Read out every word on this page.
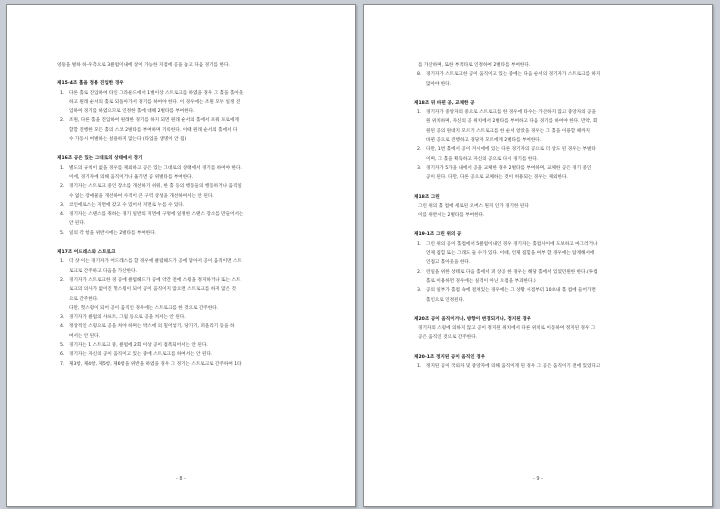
엉뚱을 벌하 하·우측으로 3클럽이내에 상이 가능한 지점에 공을 놓고 다음 경기를 한다.
제15-4조 홀을 정용 진입한 경우
1. 다른 홀로 진입하여 타인 그라운드에서 1벌이상 스트로크를 하였을 경우 그 홀을 홀아웃
하고 원래 순서의 홀로 되돌아가서 경기를 하여야 한다. 이 경우에는 조원 모두 일정 진
입하여 경기를 하였으므로 인정한 홀에 대해 2벌타를 부여한다.
2. 조원, 다른 홀을 진입하여 원래한 경기를 하지 되면 원래 순서의 홀에서 포워 포로에게
할할 진행한 모든 홀의 스코 2벌타를 부여하며 기록한다. 이때 원래 순서의 홀에서 다
수 가동시 여벌하는 설용하지 않는다 (타업을 생명이 안 됨)
제16조 공은 있는 그대로의 상태에서 경기
1. 별도의 규칙이 없을 경우를 제외하고 공은 있는 그대로의 상태에서 경기를 하여야 한다.
이에, 경기자에 의해 움직이거나 옮기면 공 위벌타를 부여한다.
2. 경기자는 스트로크 중인 장소를 개선하기 쉬워, 한 홀 등의 행동들의 행동하거나 움직일
수 없는 장애물을 개선하여 사격이 큰 구역 상성을 개선하여서는 안 된다.
3. 코인에로스는 지면에 갖고 수 있어서 지면로 누를 수 있다.
4. 경기자는 스탠스를 취하는 경기 일반의 지면에 구멍에 일정한 스탠스 장소를 만들어서는
안 된다.
5. 일의 각 항을 위반시에는 2벌타를 부여한다.
제17조 어드레스와 스트로크
1. 더 샷 이는 경기자가 어드레스를 할 경우에 클럽헤드가 공에 닿아서 공이 움직이면 스트
로크로 간주하고 다음을 가산한다.
2. 경기자가 스트로크한 경 공에 클럽헤드가 공에 약간 전에 스윙을 정지하거나 또는 스트
로크의 의사가 없어진 헛스윙이 되어 공이 움직이지 않으면 스트로크를 하지 않은 것
으로 간주한다.
다만, 헛스윙이 되어 공이 움직인 경우에는 스트로크를 한 것으로 간주한다.
3. 경기자가 클럽의 샤프트, 그립 등으로 공을 쳐서는 안 된다.
4. 정상적인 스윙으로 공을 쳐야 하며는 박스에 의 밀어넣기, 당기기, 퍼올리기 등을 하
여서는 안 된다.
5. 경기자는 1 스트로크 중, 클럽에 2회 이상 공이 접촉되어서는 안 된다.
6. 경기자는 자신의 공이 움직이고 있는 중에 스트로크를 하여서는 안 된다.
7. 제3항, 제4항, 제5항, 제6항을 위반을 하였을 경우 그 경기는 스트로크로 간주하여 1타
- 8 -
를 가산하며, 또한 부적타로 인정하여 2벌타를 부여한다.
8. 경기자가 스트로크한 공이 움직이고 있는 중에는 다음 순서의 경기자가 스트로크를 하지
않아야 한다.
제18조 뒤 바뀐 공, 교체한 공
1. 경기자가 중앙자의 중으로 스트로크를 한 경우에 타수는 가산하지 않고 중앙자의 공을
원 위치하며, 자신의 공 위치에서 2벌타를 부여하고 다음 경기를 하여야 한다. 만약, 회
원된 공의 원대지 모르기 스트로크를 한 순서 알았을 경우는 그 홀을 이용할 때까지
바뀐 공으로 진행하고 경당자 모르에게 2벌타를 부여한다.
2. 다만, 1번 홀에서 공이 겨시에에 있는 다른 경기자의 공으로 더 상도 된 경우는 부벌타
이며, 그 홀을 획득하고 자신의 공으로 다시 경기를 한다.
3. 경기자가 5가을 내에서 공을 교체한 경우 2벌타를 부여하며, 교체한 공은 경기 중인
공이 된다. 다만, 다른 공으로 교체하는 것이 허용되는 경우는 제외한다.
제18조 그린
그린 위의 홀 컵에 세로된 오버스 원지 인가 경기한 된다
이를 위반시는 2벌타를 부여한다.
제19-1조 그린 위의 공
1. 그린 위의 공이 홀컵에서 5클럽이내인 경우 경기자는 홀컵사이에 도보하고 마그러거나
언제 집힐 또는 그래도 둘 수가 있다. 이때, 언제 집힐을 여부 할 경우에는 탑재해서에
인접고 홀아웃을 한다.
2. 런일을 위한 상태로 다음 홀에서 퍼 상공 한 경우는 해당 홀에서 있었던원한 한다.(투컵
홀로 이용하면 경우에는 실격이 아닌 오점을 부과한다.)
3. 공의 일부가 홀컵 속에 걸쳐있는 경우에는 그 상황 시점부터 10초내 홀 컵에 들어가면
홀인으로 인정된다.
제20조 공이 움직이거나, 방향이 변경되거나, 정지된 경우
경기자의 스윙에 의하지 않고 공이 정지된 위치에서 다른 위치로 이동하여 정지된 경우 그
공은 움직인 것으로 간주한다.
제20-1조 정지된 공이 움직인 경우
1. 정지된 공이 국외자 및 중앙자에 의해 움직이게 된 경우 그 공은 움직이기 전에 있었다고
- 9 -
